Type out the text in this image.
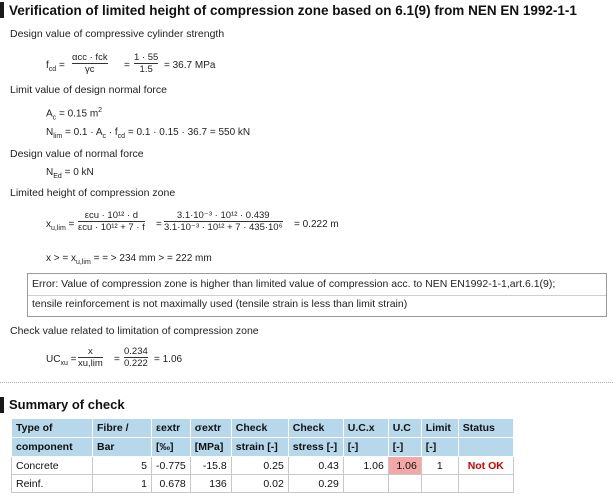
Verification of limited height of compression zone based on 6.1(9) from NEN EN 1992-1-1
Design value of compressive cylinder strength
$f_{cd}$ =
αcc · fck
γc	= $\frac{1 \cdot 55}{1.5} = 36.7$ MPa
Limit value of design normal force
$A_c = 0.15$ $m^2$
$N_{lim} = 0.1 \cdot A_c \cdot f_{cd} = 0.1 \cdot 0.15 \cdot 36.7 = 550$ kN
Design value of normal force
$N_{Ed} = 0$ kN
Limited height of compression zone
$x_{u,lim}$ =
εcu · 10¹² · d
$\varepsilon cu \cdot 10^{12} + 7 \cdot f = \frac{\text{3.1·10⁻³ · 10¹² · 0.439}}{\text{3.1·10⁻³ · 10¹² + 7 · 435·10⁶}} = 0.222$ m
x > = $x_{u,lim}$ = = > 234 mm > = 222 mm
Error: Value of compression zone is higher than limited value of compression acc. to NEN EN1992-1-1,art.6.1(9);
tensile reinforcement is not maximally used (tensile strain is less than limit strain)
Check value related to limitation of compression zone
$UC_{xu} = \frac{x}{xu,\lim} = \frac{0.234}{0.222} = 1.06$
Summary of check
Type of	Fibre /	εextr	σextr	Check	Check	U.C.x	U.C	Limit	Status
component	Bar	[‰]	[MPa]	strain [-]	stress [-]	[-]	[-]	[-]	
Concrete	5	-0.775	-15.8	0.25	0.43	1.06	1.06	1	Not OK
Reinf.	1	0.678	136	0.02	0.29				
